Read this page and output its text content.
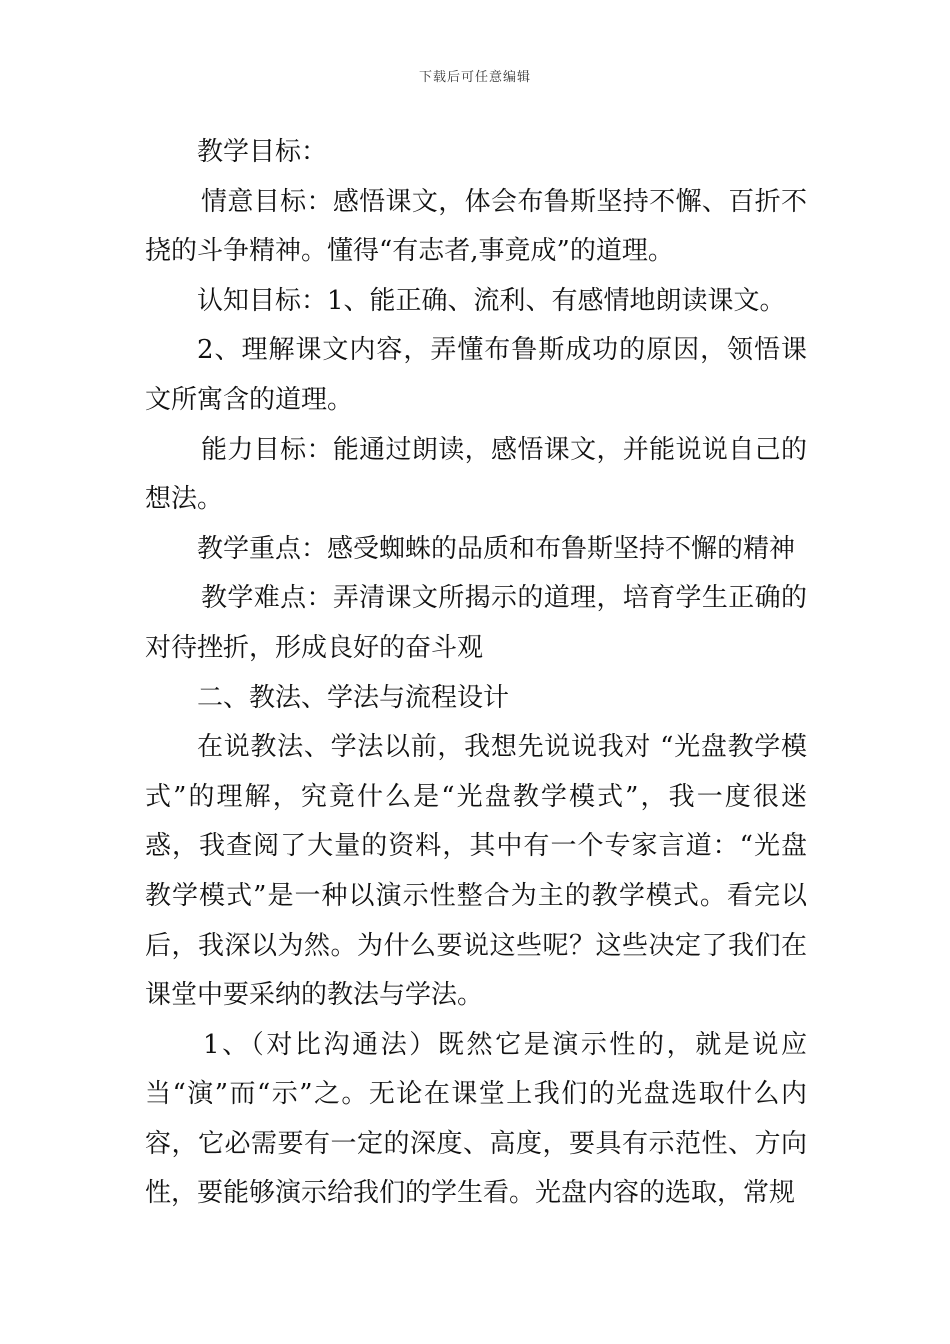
下载后可任意编辑

教学目标：

情意目标：感悟课文，体会布鲁斯坚持不懈、百折不挠的斗争精神。懂得“有志者,事竟成”的道理。

认知目标：1、能正确、流利、有感情地朗读课文。

2、理解课文内容，弄懂布鲁斯成功的原因，领悟课文所寓含的道理。

能力目标：能通过朗读，感悟课文，并能说说自己的想法。

教学重点：感受蜘蛛的品质和布鲁斯坚持不懈的精神

教学难点：弄清课文所揭示的道理，培育学生正确的对待挫折，形成良好的奋斗观

二、教法、学法与流程设计

在说教法、学法以前，我想先说说我对 “光盘教学模式”的理解，究竟什么是“光盘教学模式”，我一度很迷惑，我查阅了大量的资料，其中有一个专家言道：“光盘教学模式”是一种以演示性整合为主的教学模式。看完以后，我深以为然。为什么要说这些呢？这些决定了我们在课堂中要采纳的教法与学法。

1、（对比沟通法）既然它是演示性的，就是说应当“演”而“示”之。无论在课堂上我们的光盘选取什么内容，它必需要有一定的深度、高度，要具有示范性、方向性，要能够演示给我们的学生看。光盘内容的选取，常规
